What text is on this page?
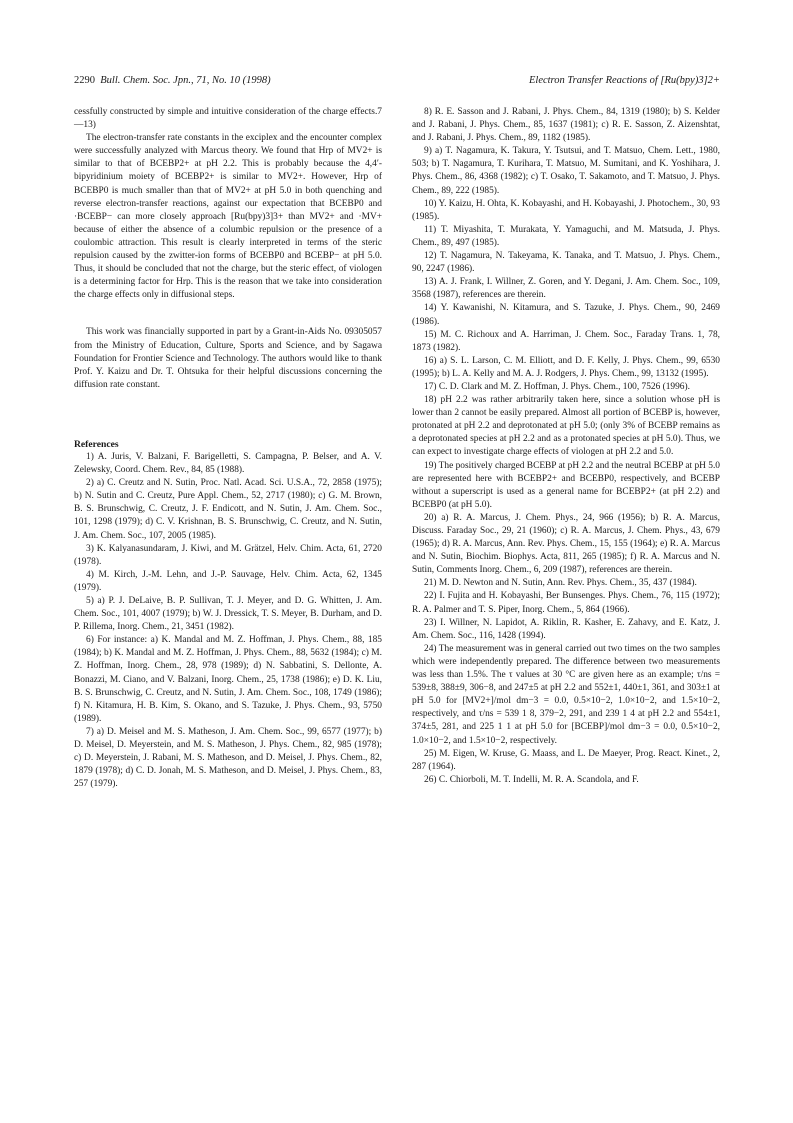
2290 Bull. Chem. Soc. Jpn., 71, No. 10 (1998)	Electron Transfer Reactions of [Ru(bpy)3]2+

cessfully constructed by simple and intuitive consideration of the charge effects.7—13)

The electron-transfer rate constants in the exciplex and the encounter complex were successfully analyzed with Marcus theory. We found that Hrp of MV2+ is similar to that of BCEBP2+ at pH 2.2. This is probably because the 4,4′-bipyridinium moiety of BCEBP2+ is similar to MV2+. However, Hrp of BCEBP0 is much smaller than that of MV2+ at pH 5.0 in both quenching and reverse electron-transfer reactions, against our expectation that BCEBP0 and ·BCEBP− can more closely approach [Ru(bpy)3]3+ than MV2+ and ·MV+ because of either the absence of a columbic repulsion or the presence of a coulombic attraction. This result is clearly interpreted in terms of the steric repulsion caused by the zwitter-ion forms of BCEBP0 and BCEBP− at pH 5.0. Thus, it should be concluded that not the charge, but the steric effect, of viologen is a determining factor for Hrp. This is the reason that we take into consideration the charge effects only in diffusional steps.

This work was financially supported in part by a Grant-in-Aids No. 09305057 from the Ministry of Education, Culture, Sports and Science, and by Sagawa Foundation for Frontier Science and Technology. The authors would like to thank Prof. Y. Kaizu and Dr. T. Ohtsuka for their helpful discussions concerning the diffusion rate constant.

References

1) A. Juris, V. Balzani, F. Barigelletti, S. Campagna, P. Belser, and A. V. Zelewsky, Coord. Chem. Rev., 84, 85 (1988).

2) a) C. Creutz and N. Sutin, Proc. Natl. Acad. Sci. U.S.A., 72, 2858 (1975); b) N. Sutin and C. Creutz, Pure Appl. Chem., 52, 2717 (1980); c) G. M. Brown, B. S. Brunschwig, C. Creutz, J. F. Endicott, and N. Sutin, J. Am. Chem. Soc., 101, 1298 (1979); d) C. V. Krishnan, B. S. Brunschwig, C. Creutz, and N. Sutin, J. Am. Chem. Soc., 107, 2005 (1985).

3) K. Kalyanasundaram, J. Kiwi, and M. Grätzel, Helv. Chim. Acta, 61, 2720 (1978).

4) M. Kirch, J.-M. Lehn, and J.-P. Sauvage, Helv. Chim. Acta, 62, 1345 (1979).

5) a) P. J. DeLaive, B. P. Sullivan, T. J. Meyer, and D. G. Whitten, J. Am. Chem. Soc., 101, 4007 (1979); b) W. J. Dressick, T. S. Meyer, B. Durham, and D. P. Rillema, Inorg. Chem., 21, 3451 (1982).

6) For instance: a) K. Mandal and M. Z. Hoffman, J. Phys. Chem., 88, 185 (1984); b) K. Mandal and M. Z. Hoffman, J. Phys. Chem., 88, 5632 (1984); c) M. Z. Hoffman, Inorg. Chem., 28, 978 (1989); d) N. Sabbatini, S. Dellonte, A. Bonazzi, M. Ciano, and V. Balzani, Inorg. Chem., 25, 1738 (1986); e) D. K. Liu, B. S. Brunschwig, C. Creutz, and N. Sutin, J. Am. Chem. Soc., 108, 1749 (1986); f) N. Kitamura, H. B. Kim, S. Okano, and S. Tazuke, J. Phys. Chem., 93, 5750 (1989).

7) a) D. Meisel and M. S. Matheson, J. Am. Chem. Soc., 99, 6577 (1977); b) D. Meisel, D. Meyerstein, and M. S. Matheson, J. Phys. Chem., 82, 985 (1978); c) D. Meyerstein, J. Rabani, M. S. Matheson, and D. Meisel, J. Phys. Chem., 82, 1879 (1978); d) C. D. Jonah, M. S. Matheson, and D. Meisel, J. Phys. Chem., 83, 257 (1979).

8) R. E. Sasson and J. Rabani, J. Phys. Chem., 84, 1319 (1980); b) S. Kelder and J. Rabani, J. Phys. Chem., 85, 1637 (1981); c) R. E. Sasson, Z. Aizenshtat, and J. Rabani, J. Phys. Chem., 89, 1182 (1985).

9) a) T. Nagamura, K. Takura, Y. Tsutsui, and T. Matsuo, Chem. Lett., 1980, 503; b) T. Nagamura, T. Kurihara, T. Matsuo, M. Sumitani, and K. Yoshihara, J. Phys. Chem., 86, 4368 (1982); c) T. Osako, T. Sakamoto, and T. Matsuo, J. Phys. Chem., 89, 222 (1985).

10) Y. Kaizu, H. Ohta, K. Kobayashi, and H. Kobayashi, J. Photochem., 30, 93 (1985).

11) T. Miyashita, T. Murakata, Y. Yamaguchi, and M. Matsuda, J. Phys. Chem., 89, 497 (1985).

12) T. Nagamura, N. Takeyama, K. Tanaka, and T. Matsuo, J. Phys. Chem., 90, 2247 (1986).

13) A. J. Frank, I. Willner, Z. Goren, and Y. Degani, J. Am. Chem. Soc., 109, 3568 (1987), references are therein.

14) Y. Kawanishi, N. Kitamura, and S. Tazuke, J. Phys. Chem., 90, 2469 (1986).

15) M. C. Richoux and A. Harriman, J. Chem. Soc., Faraday Trans. 1, 78, 1873 (1982).

16) a) S. L. Larson, C. M. Elliott, and D. F. Kelly, J. Phys. Chem., 99, 6530 (1995); b) L. A. Kelly and M. A. J. Rodgers, J. Phys. Chem., 99, 13132 (1995).

17) C. D. Clark and M. Z. Hoffman, J. Phys. Chem., 100, 7526 (1996).

18) pH 2.2 was rather arbitrarily taken here, since a solution whose pH is lower than 2 cannot be easily prepared. Almost all portion of BCEBP is, however, protonated at pH 2.2 and deprotonated at pH 5.0; (only 3% of BCEBP remains as a deprotonated species at pH 2.2 and as a protonated species at pH 5.0). Thus, we can expect to investigate charge effects of viologen at pH 2.2 and 5.0.

19) The positively charged BCEBP at pH 2.2 and the neutral BCEBP at pH 5.0 are represented here with BCEBP2+ and BCEBP0, respectively, and BCEBP without a superscript is used as a general name for BCEBP2+ (at pH 2.2) and BCEBP0 (at pH 5.0).

20) a) R. A. Marcus, J. Chem. Phys., 24, 966 (1956); b) R. A. Marcus, Discuss. Faraday Soc., 29, 21 (1960); c) R. A. Marcus, J. Chem. Phys., 43, 679 (1965); d) R. A. Marcus, Ann. Rev. Phys. Chem., 15, 155 (1964); e) R. A. Marcus and N. Sutin, Biochim. Biophys. Acta, 811, 265 (1985); f) R. A. Marcus and N. Sutin, Comments Inorg. Chem., 6, 209 (1987), references are therein.

21) M. D. Newton and N. Sutin, Ann. Rev. Phys. Chem., 35, 437 (1984).

22) I. Fujita and H. Kobayashi, Ber Bunsenges. Phys. Chem., 76, 115 (1972); R. A. Palmer and T. S. Piper, Inorg. Chem., 5, 864 (1966).

23) I. Willner, N. Lapidot, A. Riklin, R. Kasher, E. Zahavy, and E. Katz, J. Am. Chem. Soc., 116, 1428 (1994).

24) The measurement was in general carried out two times on the two samples which were independently prepared. The difference between two measurements was less than 1.5%. The τ values at 30 °C are given here as an example; τ/ns = 539±8, 388±9, 306−8, and 247±5 at pH 2.2 and 552±1, 440±1, 361, and 303±1 at pH 5.0 for [MV2+]/mol dm−3 = 0.0, 0.5×10−2, 1.0×10−2, and 1.5×10−2, respectively, and τ/ns = 539 1 8, 379−2, 291, and 239 1 4 at pH 2.2 and 554±1, 374±5, 281, and 225 1 1 at pH 5.0 for [BCEBP]/mol dm−3 = 0.0, 0.5×10−2, 1.0×10−2, and 1.5×10−2, respectively.

25) M. Eigen, W. Kruse, G. Maass, and L. De Maeyer, Prog. React. Kinet., 2, 287 (1964).

26) C. Chiorboli, M. T. Indelli, M. R. A. Scandola, and F.
